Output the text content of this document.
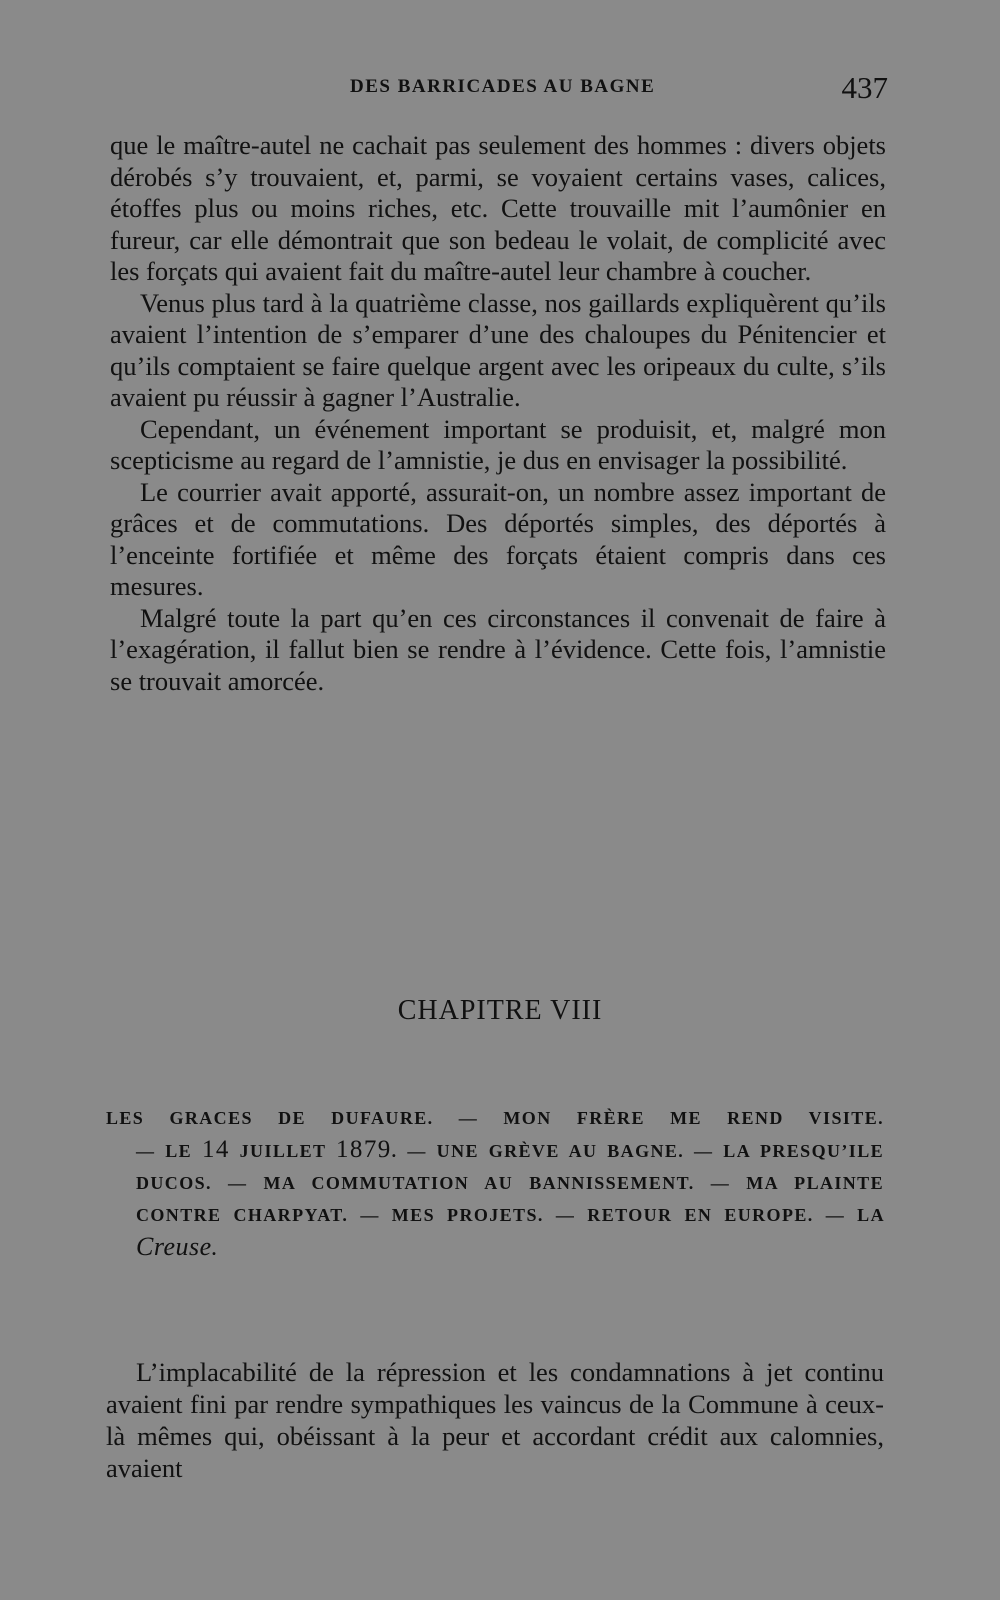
DES BARRICADES AU BAGNE	437

que le maître-autel ne cachait pas seulement des hommes : divers objets dérobés s’y trouvaient, et, parmi, se voyaient certains vases, calices, étoffes plus ou moins riches, etc. Cette trouvaille mit l’aumônier en fureur, car elle démontrait que son bedeau le volait, de complicité avec les forçats qui avaient fait du maître-autel leur chambre à coucher.

Venus plus tard à la quatrième classe, nos gaillards expliquèrent qu’ils avaient l’intention de s’emparer d’une des chaloupes du Pénitencier et qu’ils comptaient se faire quelque argent avec les oripeaux du culte, s’ils avaient pu réussir à gagner l’Australie.

Cependant, un événement important se produisit, et, malgré mon scepticisme au regard de l’amnistie, je dus en envisager la possibilité.

Le courrier avait apporté, assurait-on, un nombre assez important de grâces et de commutations. Des déportés simples, des déportés à l’enceinte fortifiée et même des forçats étaient compris dans ces mesures.

Malgré toute la part qu’en ces circonstances il convenait de faire à l’exagération, il fallut bien se rendre à l’évidence. Cette fois, l’amnistie se trouvait amorcée.

CHAPITRE VIII
LES GRACES DE DUFAURE. — MON FRÈRE ME REND VISITE.
— LE 14 JUILLET 1879. — UNE GRÈVE AU BAGNE. — LA PRESQU’ILE DUCOS. — MA COMMUTATION AU BANNISSEMENT. — MA PLAINTE CONTRE CHARPYAT. — MES PROJETS. — RETOUR EN EUROPE. — LA Creuse.

L’implacabilité de la répression et les condamnations à jet continu avaient fini par rendre sympathiques les vaincus de la Commune à ceux-là mêmes qui, obéissant à la peur et accordant crédit aux calomnies, avaient
